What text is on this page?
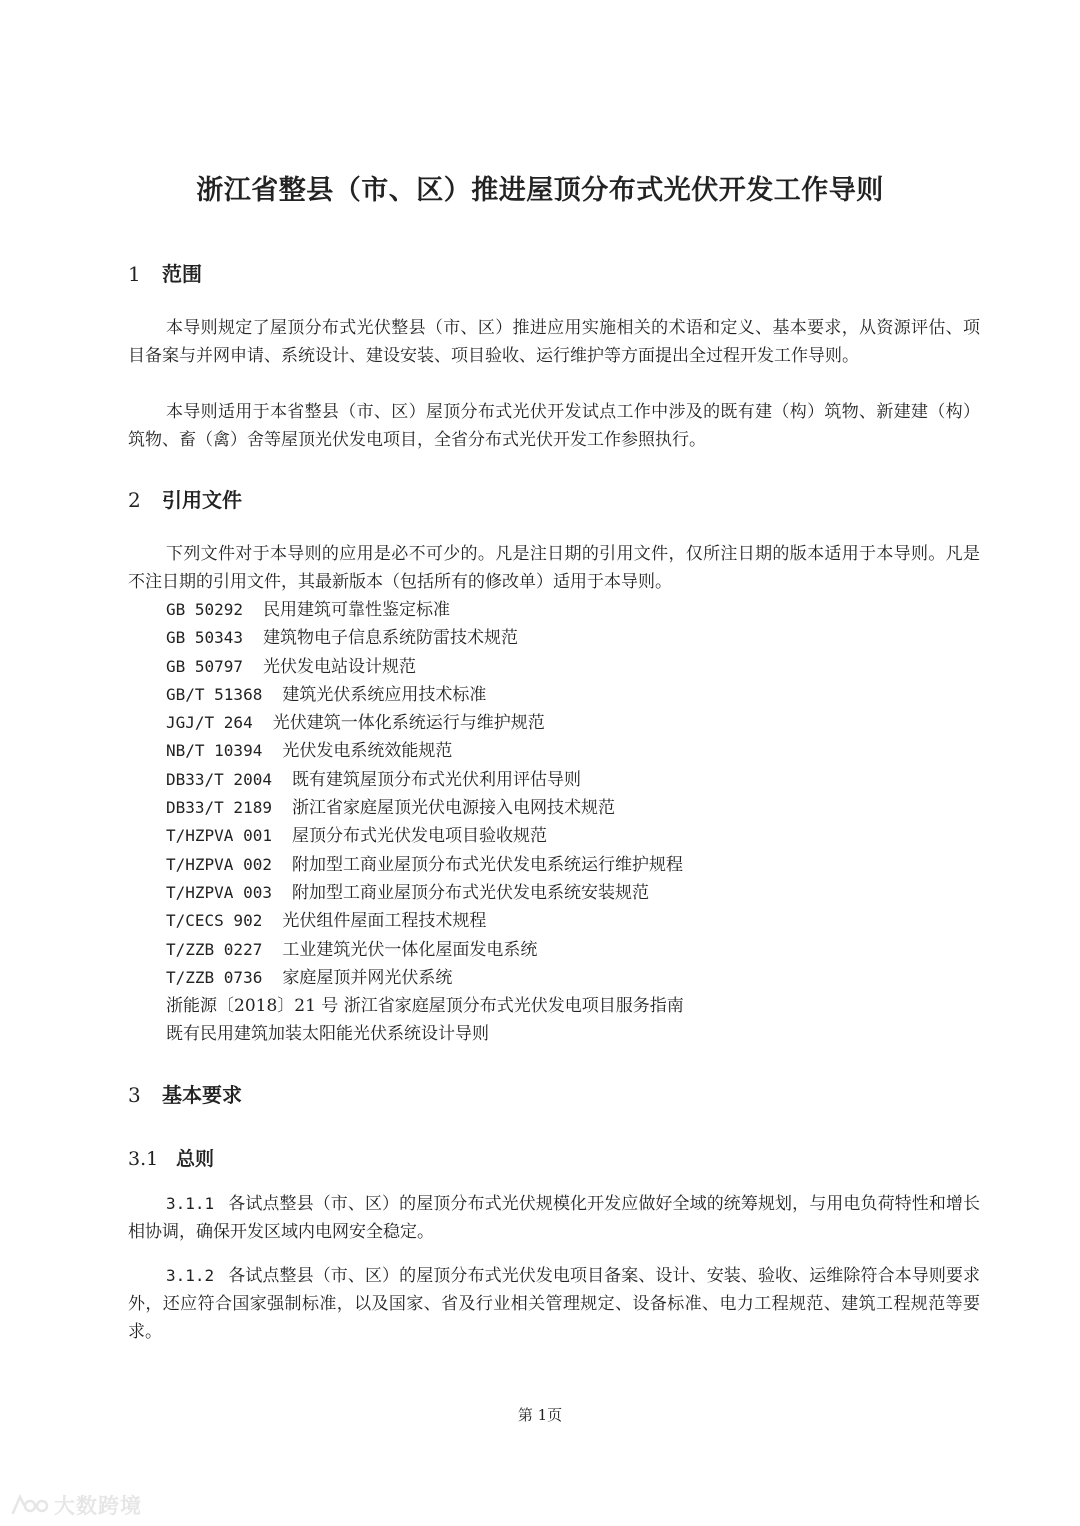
浙江省整县（市、区）推进屋顶分布式光伏开发工作导则
1 范围

本导则规定了屋顶分布式光伏整县（市、区）推进应用实施相关的术语和定义、基本要求，从资源评估、项目备案与并网申请、系统设计、建设安装、项目验收、运行维护等方面提出全过程开发工作导则。

本导则适用于本省整县（市、区）屋顶分布式光伏开发试点工作中涉及的既有建（构）筑物、新建建（构）筑物、畜（禽）舍等屋顶光伏发电项目，全省分布式光伏开发工作参照执行。

2 引用文件

下列文件对于本导则的应用是必不可少的。凡是注日期的引用文件，仅所注日期的版本适用于本导则。凡是不注日期的引用文件，其最新版本（包括所有的修改单）适用于本导则。

GB 50292 民用建筑可靠性鉴定标准
GB 50343 建筑物电子信息系统防雷技术规范
GB 50797 光伏发电站设计规范
GB/T 51368 建筑光伏系统应用技术标准
JGJ/T 264 光伏建筑一体化系统运行与维护规范
NB/T 10394 光伏发电系统效能规范
DB33/T 2004 既有建筑屋顶分布式光伏利用评估导则
DB33/T 2189 浙江省家庭屋顶光伏电源接入电网技术规范
T/HZPVA 001 屋顶分布式光伏发电项目验收规范
T/HZPVA 002 附加型工商业屋顶分布式光伏发电系统运行维护规程
T/HZPVA 003 附加型工商业屋顶分布式光伏发电系统安装规范
T/CECS 902 光伏组件屋面工程技术规程
T/ZZB 0227 工业建筑光伏一体化屋面发电系统
T/ZZB 0736 家庭屋顶并网光伏系统
浙能源〔2018〕21 号 浙江省家庭屋顶分布式光伏发电项目服务指南
既有民用建筑加装太阳能光伏系统设计导则
3 基本要求
3.1 总则

3.1.1 各试点整县（市、区）的屋顶分布式光伏规模化开发应做好全域的统筹规划，与用电负荷特性和增长相协调，确保开发区域内电网安全稳定。

3.1.2 各试点整县（市、区）的屋顶分布式光伏发电项目备案、设计、安装、验收、运维除符合本导则要求外，还应符合国家强制标准，以及国家、省及行业相关管理规定、设备标准、电力工程规范、建筑工程规范等要求。

第 1页
大数跨境
